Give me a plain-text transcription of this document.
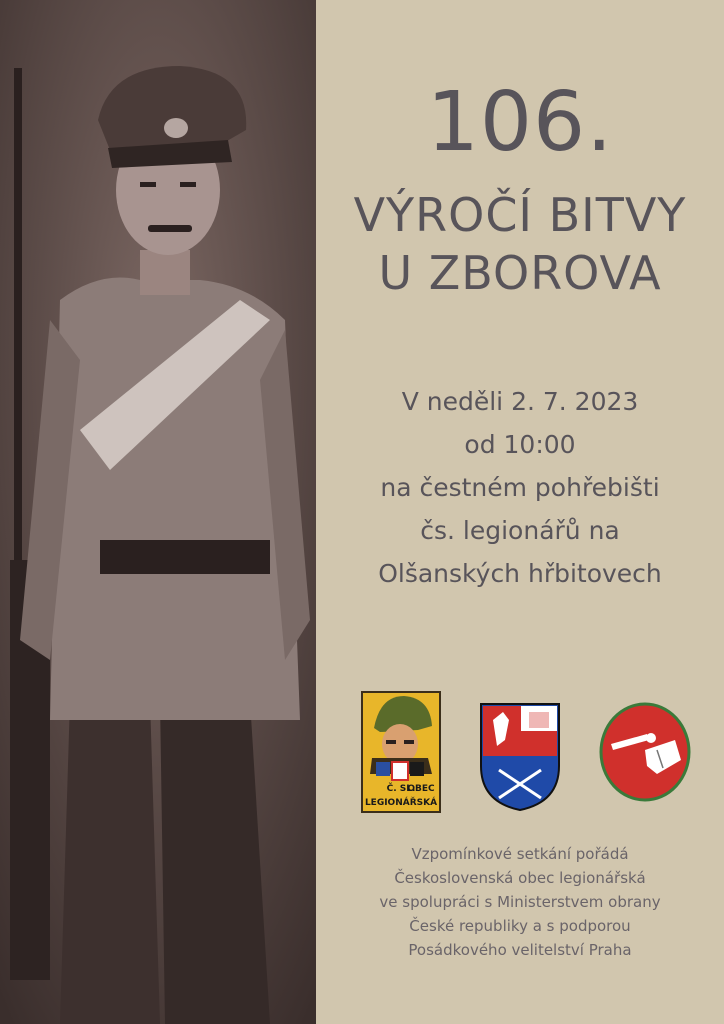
106.
VÝROČÍ BITVY
U ZBOROVA
V neděli 2. 7. 2023
od 10:00
na čestném pohřebišti
čs. legionářů na
Olšanských hřbitovech
Č. SL.
OBEC
LEGIONÁŘSKÁ
Vzpomínkové setkání pořádá
Československá obec legionářská
ve spolupráci s Ministerstvem obrany
České republiky a s podporou
Posádkového velitelství Praha
